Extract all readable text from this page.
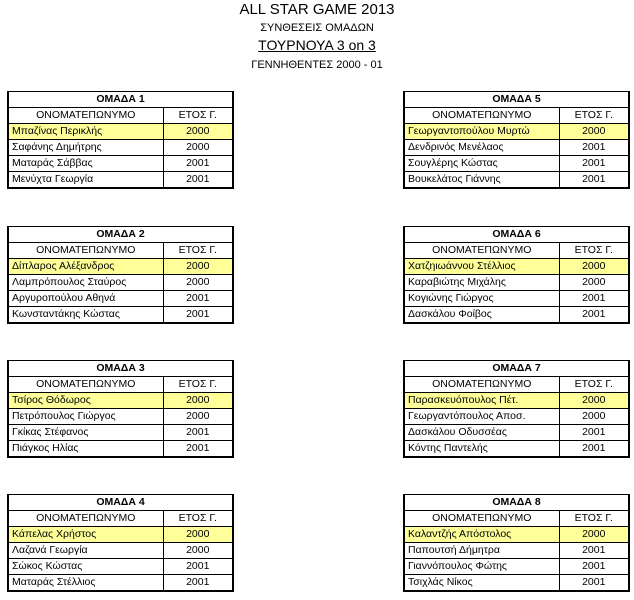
ALL STAR GAME 2013
ΣΥΝΘΕΣΕΙΣ ΟΜΑΔΩΝ
ΤΟΥΡΝΟΥΑ 3 on 3
ΓΕΝΝΗΘΕΝΤΕΣ 2000 - 01
ΟΜΑΔΑ 1	
ΟΝΟΜΑΤΕΠΩΝΥΜΟ	ΕΤΟΣ Γ.
Μπαζίνας Περικλής	2000
Σαφάνης Δημήτρης	2000
Ματαράς Σάββας	2001
Μενύχτα Γεωργία	2001
ΟΜΑΔΑ 5	
ΟΝΟΜΑΤΕΠΩΝΥΜΟ	ΕΤΟΣ Γ.
Γεωργαντοπούλου Μυρτώ	2000
Δενδρινός Μενέλαος	2001
Σουγλέρης Κώστας	2001
Βουκελάτος Γιάννης	2001
ΟΜΑΔΑ 2	
ΟΝΟΜΑΤΕΠΩΝΥΜΟ	ΕΤΟΣ Γ.
Δίπλαρος Αλέξανδρος	2000
Λαμπρόπουλος Σταύρος	2000
Αργυροπούλου Αθηνά	2001
Κωνσταντάκης Κώστας	2001
ΟΜΑΔΑ 6	
ΟΝΟΜΑΤΕΠΩΝΥΜΟ	ΕΤΟΣ Γ.
Χατζηιωάννου Στέλλιος	2000
Καραβιώτης Μιχάλης	2000
Κογιώνης Γιώργος	2001
Δασκάλου Φοίβος	2001
ΟΜΑΔΑ 3	
ΟΝΟΜΑΤΕΠΩΝΥΜΟ	ΕΤΟΣ Γ.
Τσίρος Θόδωρος	2000
Πετρόπουλος Γιώργος	2000
Γκίκας Στέφανος	2001
Πιάγκος Ηλίας	2001
ΟΜΑΔΑ 7	
ΟΝΟΜΑΤΕΠΩΝΥΜΟ	ΕΤΟΣ Γ.
Παρασκευόπουλος Πέτ.	2000
Γεωργαντόπουλος Αποσ.	2000
Δασκάλου Οδυσσέας	2001
Κόντης Παντελής	2001
ΟΜΑΔΑ 4	
ΟΝΟΜΑΤΕΠΩΝΥΜΟ	ΕΤΟΣ Γ.
Κάπελας Χρήστος	2000
Λαζανά Γεωργία	2000
Σώκος Κώστας	2001
Ματαράς Στέλλιος	2001
ΟΜΑΔΑ 8	
ΟΝΟΜΑΤΕΠΩΝΥΜΟ	ΕΤΟΣ Γ.
Καλαντζής Απόστολος	2000
Παπουτσή Δήμητρα	2001
Γιαννόπουλος Φώτης	2001
Τσιχλάς Νίκος	2001
